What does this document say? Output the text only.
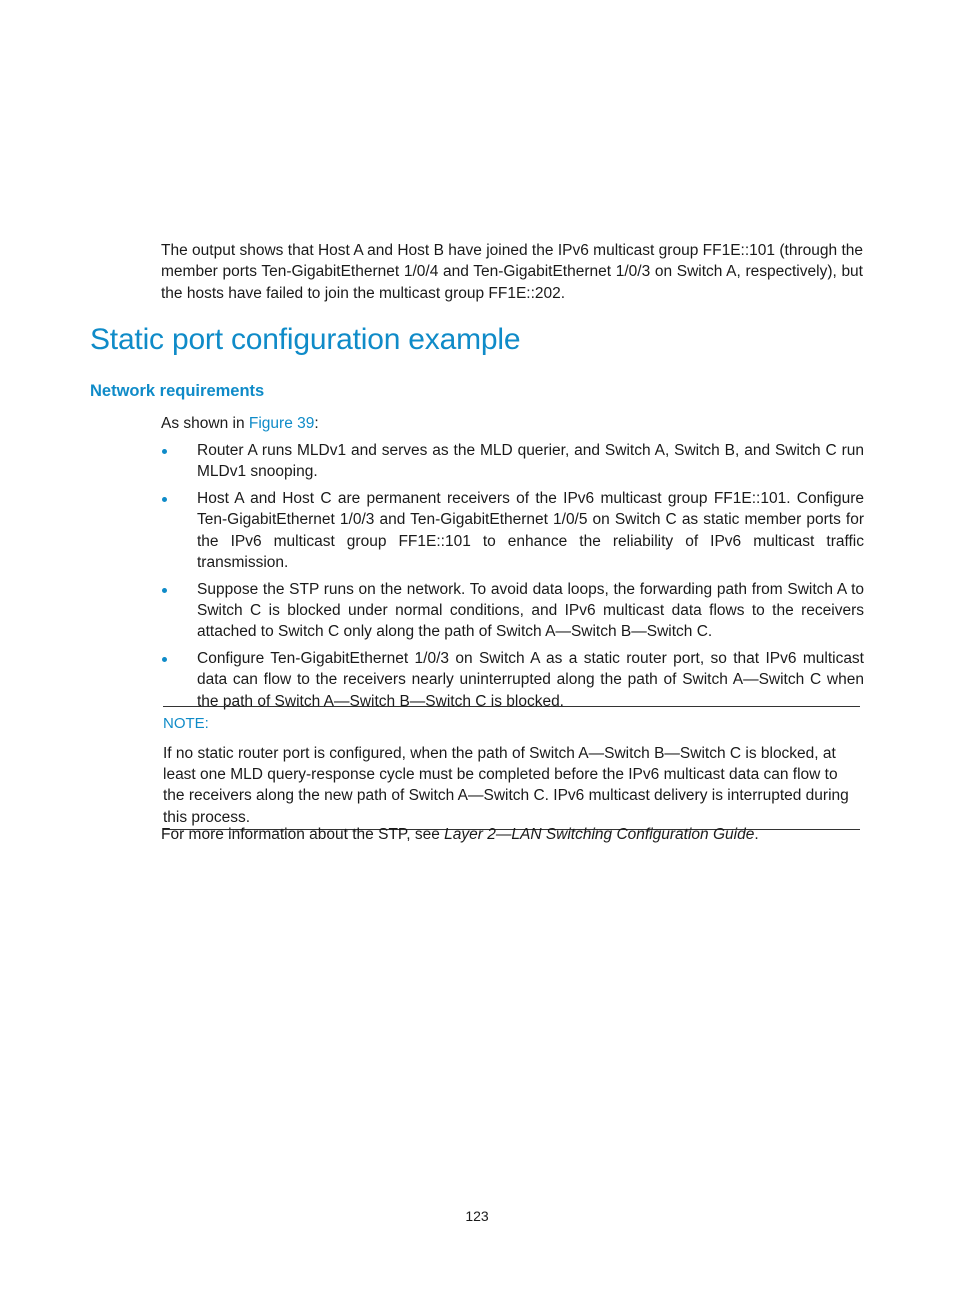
The output shows that Host A and Host B have joined the IPv6 multicast group FF1E::101 (through the member ports Ten-GigabitEthernet 1/0/4 and Ten-GigabitEthernet 1/0/3 on Switch A, respectively), but the hosts have failed to join the multicast group FF1E::202.

Static port configuration example
Network requirements

As shown in Figure 39:

Router A runs MLDv1 and serves as the MLD querier, and Switch A, Switch B, and Switch C run MLDv1 snooping.
Host A and Host C are permanent receivers of the IPv6 multicast group FF1E::101. Configure Ten-GigabitEthernet 1/0/3 and Ten-GigabitEthernet 1/0/5 on Switch C as static member ports for the IPv6 multicast group FF1E::101 to enhance the reliability of IPv6 multicast traffic transmission.
Suppose the STP runs on the network. To avoid data loops, the forwarding path from Switch A to Switch C is blocked under normal conditions, and IPv6 multicast data flows to the receivers attached to Switch C only along the path of Switch A—Switch B—Switch C.
Configure Ten-GigabitEthernet 1/0/3 on Switch A as a static router port, so that IPv6 multicast data can flow to the receivers nearly uninterrupted along the path of Switch A—Switch C when the path of Switch A—Switch B—Switch C is blocked.

NOTE:

If no static router port is configured, when the path of Switch A—Switch B—Switch C is blocked, at least one MLD query-response cycle must be completed before the IPv6 multicast data can flow to the receivers along the new path of Switch A—Switch C. IPv6 multicast delivery is interrupted during this process.

For more information about the STP, see Layer 2—LAN Switching Configuration Guide.

123
